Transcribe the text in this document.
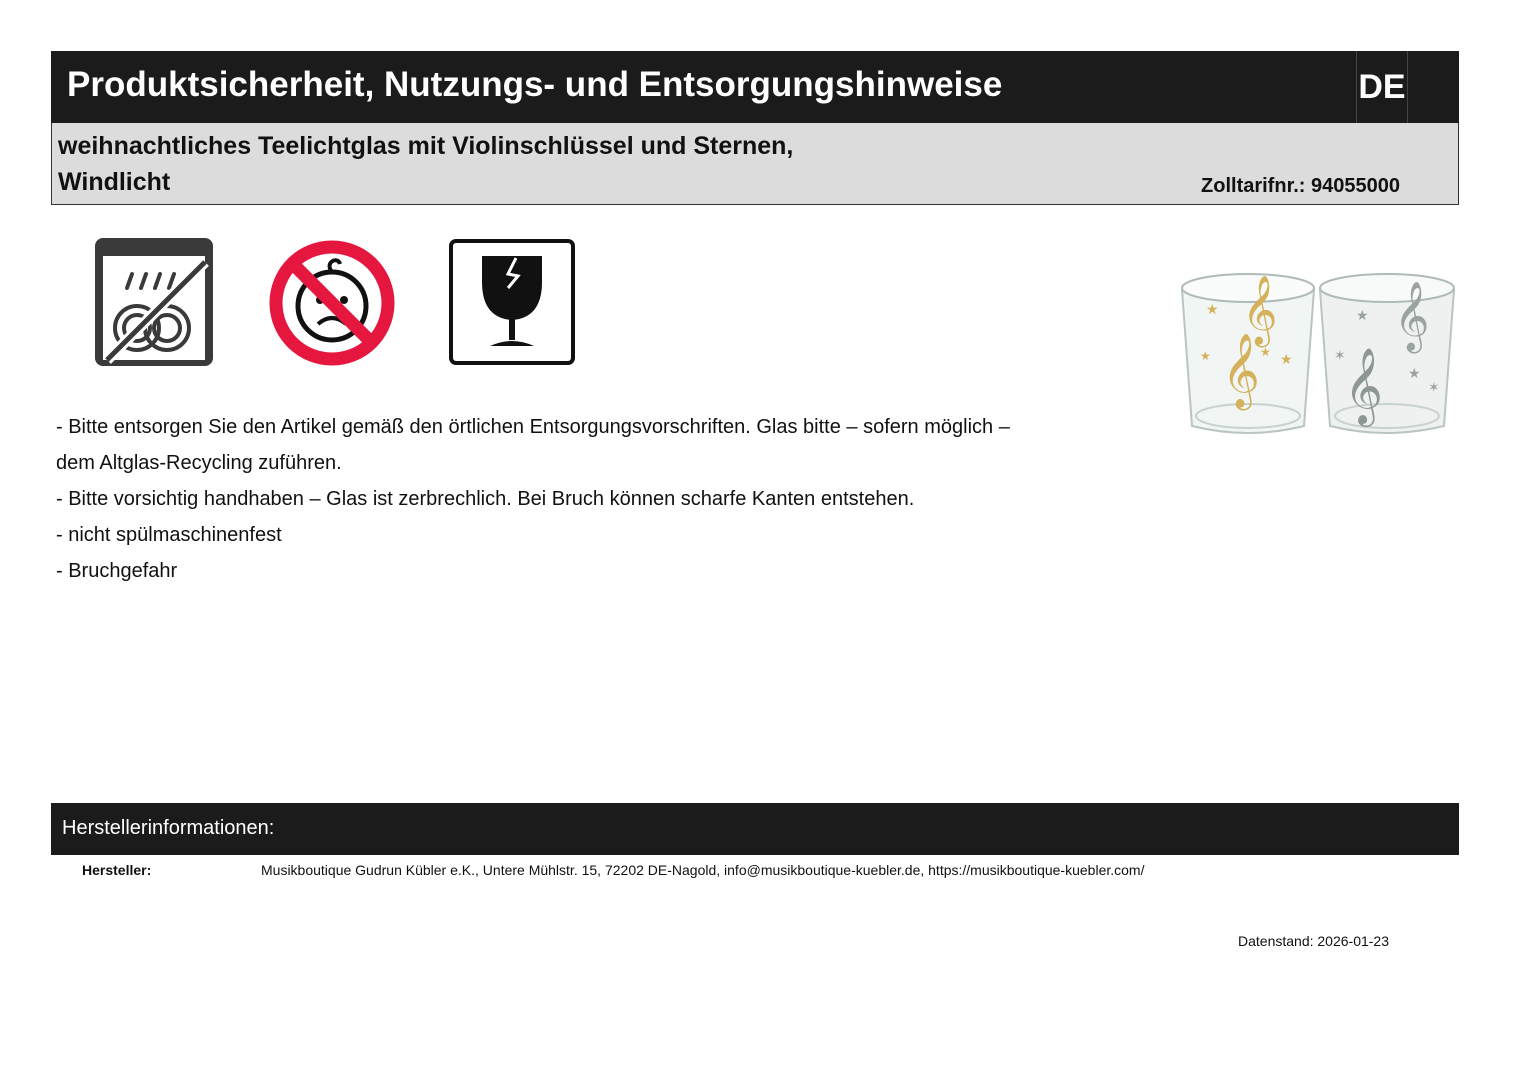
Produktsicherheit, Nutzungs- und Entsorgungshinweise	DE
weihnachtliches Teelichtglas mit Violinschlüssel und Sternen, Windlicht	Zolltarifnr.: 94055000
𝄞
𝄞
★
★
★	★
𝄞
𝄞
★
★
✶
✶

- Bitte entsorgen Sie den Artikel gemäß den örtlichen Entsorgungsvorschriften. Glas bitte – sofern möglich – dem Altglas-Recycling zuführen.

- Bitte vorsichtig handhaben – Glas ist zerbrechlich. Bei Bruch können scharfe Kanten entstehen.

- nicht spülmaschinenfest

- Bruchgefahr

Herstellerinformationen:
Hersteller:	Musikboutique Gudrun Kübler e.K., Untere Mühlstr. 15, 72202 DE-Nagold, info@musikboutique-kuebler.de, https://musikboutique-kuebler.com/
Datenstand: 2026-01-23
